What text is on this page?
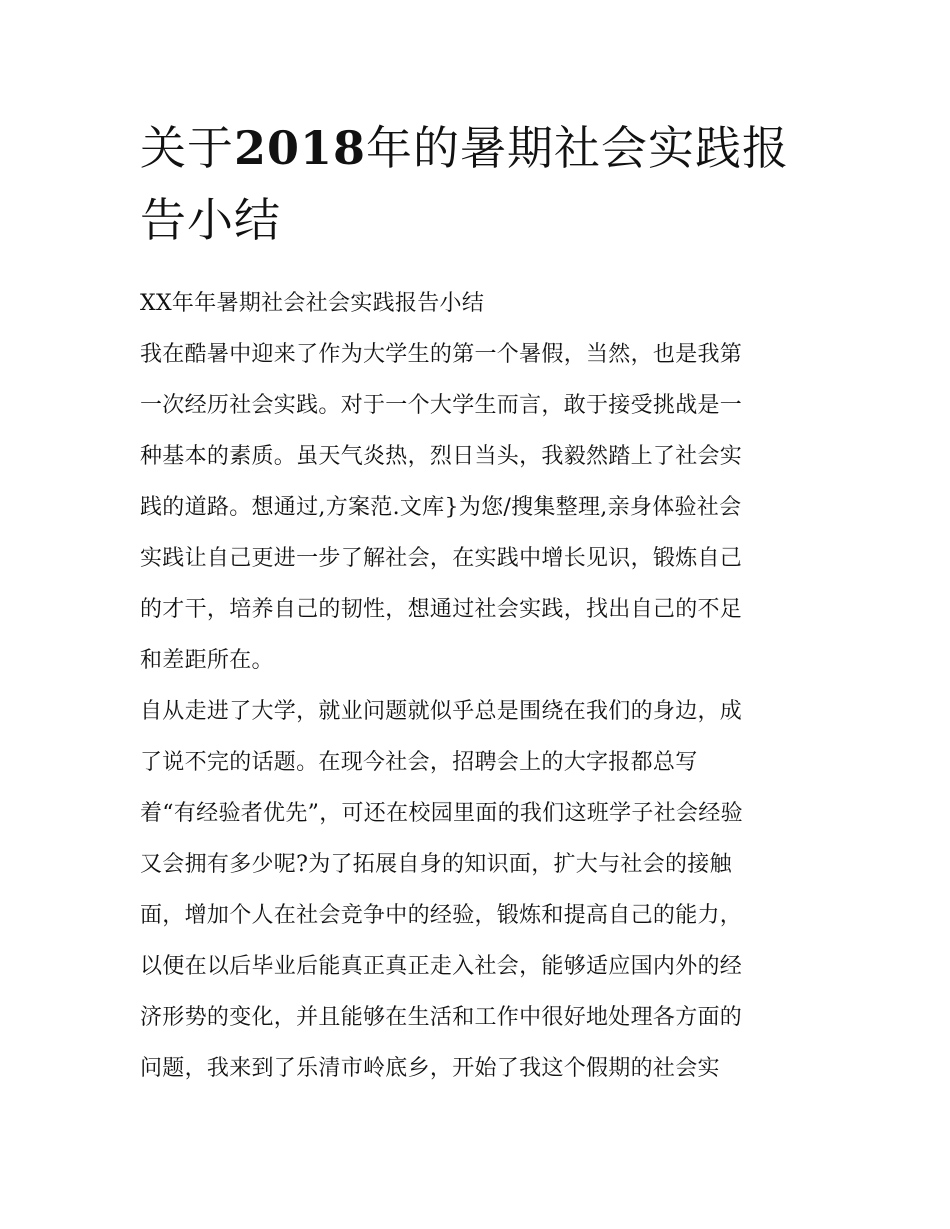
关于2018年的暑期社会实践报
告小结
XX年年暑期社会社会实践报告小结
我在酷暑中迎来了作为大学生的第一个暑假，当然，也是我第
一次经历社会实践。对于一个大学生而言，敢于接受挑战是一
种基本的素质。虽天气炎热，烈日当头，我毅然踏上了社会实
践的道路。想通过,方案范.文库}为您/搜集整理,亲身体验社会
实践让自己更进一步了解社会，在实践中增长见识，锻炼自己
的才干，培养自己的韧性，想通过社会实践，找出自己的不足
和差距所在。
自从走进了大学，就业问题就似乎总是围绕在我们的身边，成
了说不完的话题。在现今社会，招聘会上的大字报都总写
着“有经验者优先”，可还在校园里面的我们这班学子社会经验
又会拥有多少呢?为了拓展自身的知识面，扩大与社会的接触
面，增加个人在社会竞争中的经验，锻炼和提高自己的能力，
以便在以后毕业后能真正真正走入社会，能够适应国内外的经
济形势的变化，并且能够在生活和工作中很好地处理各方面的
问题，我来到了乐清市岭底乡，开始了我这个假期的社会实
